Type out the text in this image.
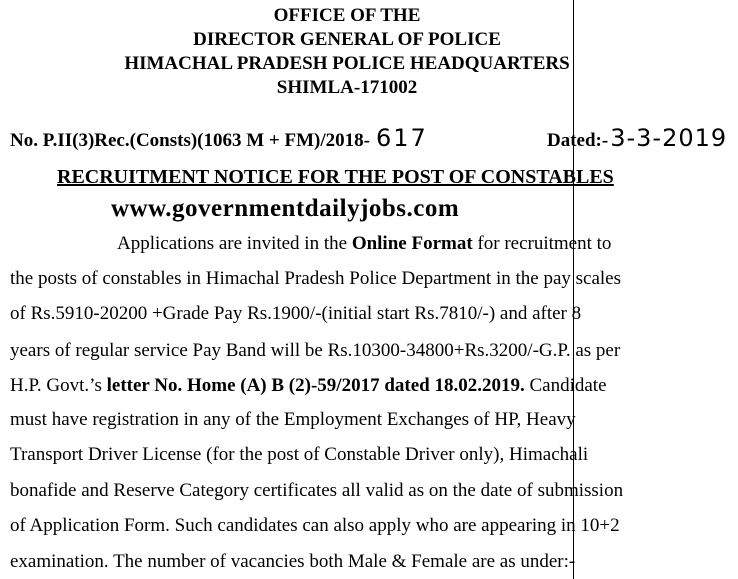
OFFICE OF THE
DIRECTOR GENERAL OF POLICE
HIMACHAL PRADESH POLICE HEADQUARTERS
SHIMLA-171002
No. P.II(3)Rec.(Consts)(1063 M + FM)/2018- 617	Dated:-3-3-2019
RECRUITMENT NOTICE FOR THE POST OF CONSTABLES
www.governmentdailyjobs.com
Applications are invited in the Online Format for recruitment to
the posts of constables in Himachal Pradesh Police Department in the pay scales
of Rs.5910-20200 +Grade Pay Rs.1900/-(initial start Rs.7810/-) and after 8
years of regular service Pay Band will be Rs.10300-34800+Rs.3200/-G.P. as per
H.P. Govt.’s letter No. Home (A) B (2)-59/2017 dated 18.02.2019. Candidate
must have registration in any of the Employment Exchanges of HP, Heavy
Transport Driver License (for the post of Constable Driver only), Himachali
bonafide and Reserve Category certificates all valid as on the date of submission
of Application Form. Such candidates can also apply who are appearing in 10+2
examination. The number of vacancies both Male & Female are as under:-
